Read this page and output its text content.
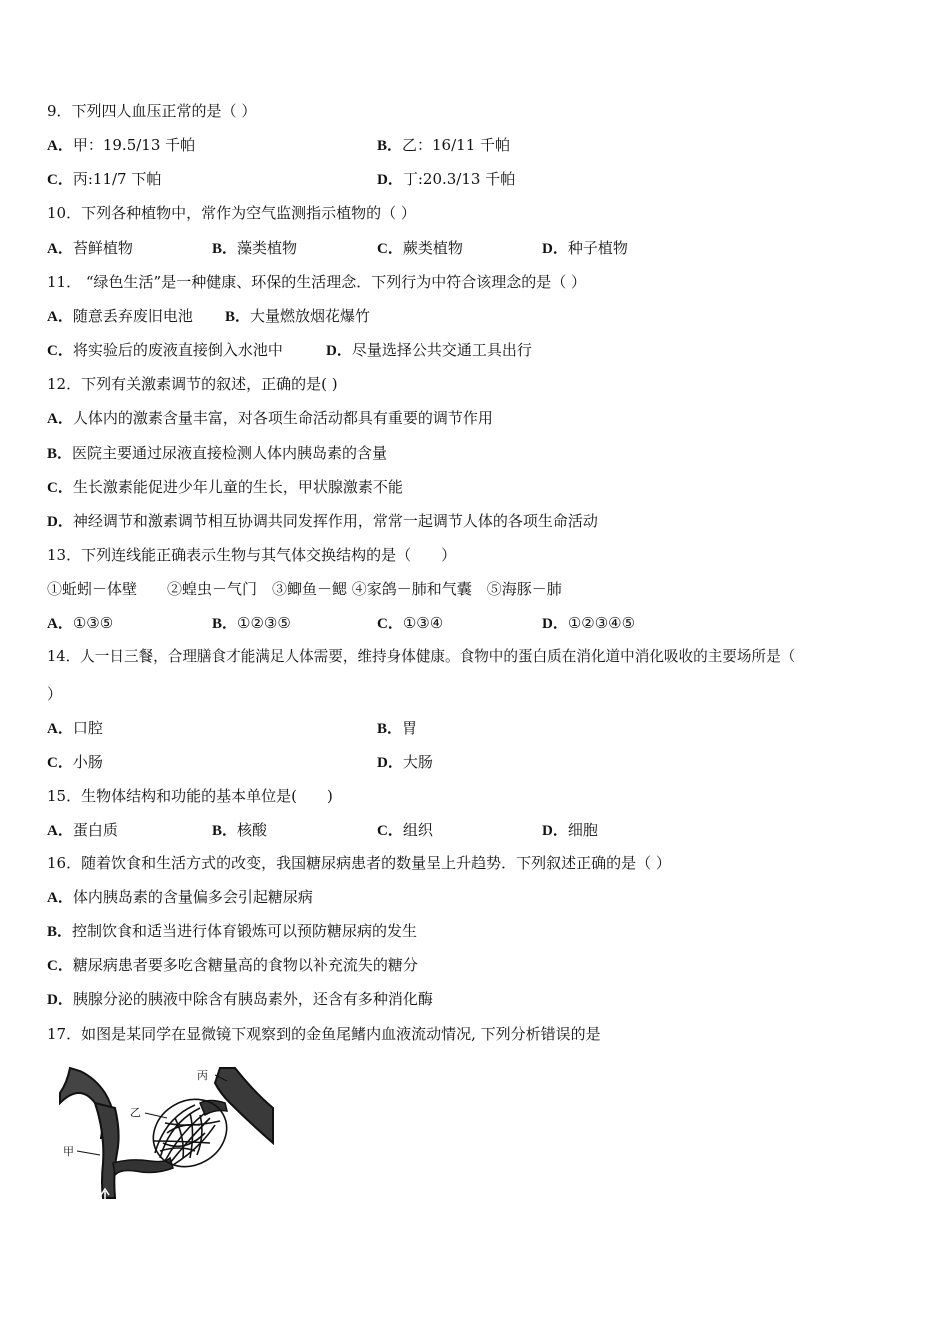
9．下列四人血压正常的是（ ）
A．甲：19.5/13 千帕	B．乙：16/11 千帕
C．丙:11/7 下帕	D．丁:20.3/13 千帕
10．下列各种植物中，常作为空气监测指示植物的（ ）
A．苔鲜植物	B．藻类植物	C．蕨类植物	D．种子植物
11． “绿色生活”是一种健康、环保的生活理念．下列行为中符合该理念的是（ ）
A．随意丢弃废旧电池 B．大量燃放烟花爆竹
C．将实验后的废液直接倒入水池中	D．尽量选择公共交通工具出行
12．下列有关激素调节的叙述，正确的是( )
A．人体内的激素含量丰富，对各项生命活动都具有重要的调节作用
B．医院主要通过尿液直接检测人体内胰岛素的含量
C．生长激素能促进少年儿童的生长，甲状腺激素不能
D．神经调节和激素调节相互协调共同发挥作用，常常一起调节人体的各项生命活动
13．下列连线能正确表示生物与其气体交换结构的是（　　）
①蚯蚓－体壁　　②蝗虫－气门　③鲫鱼－鳃 ④家鸽－肺和气囊　⑤海豚－肺
A．①③⑤	B．①②③⑤	C．①③④	D．①②③④⑤
14．人一日三餐，合理膳食才能满足人体需要，维持身体健康。食物中的蛋白质在消化道中消化吸收的主要场所是（
）
A．口腔	B．胃
C．小肠	D．大肠
15．生物体结构和功能的基本单位是(　　)
A．蛋白质	B．核酸	C．组织	D．细胞
16．随着饮食和生活方式的改变，我国糖尿病患者的数量呈上升趋势．下列叙述正确的是（ ）
A．体内胰岛素的含量偏多会引起糖尿病
B．控制饮食和适当进行体育锻炼可以预防糖尿病的发生
C．糖尿病患者要多吃含糖量高的食物以补充流失的糖分
D．胰腺分泌的胰液中除含有胰岛素外，还含有多种消化酶
17．如图是某同学在显微镜下观察到的金鱼尾鳍内血液流动情况, 下列分析错误的是
甲
乙
丙
